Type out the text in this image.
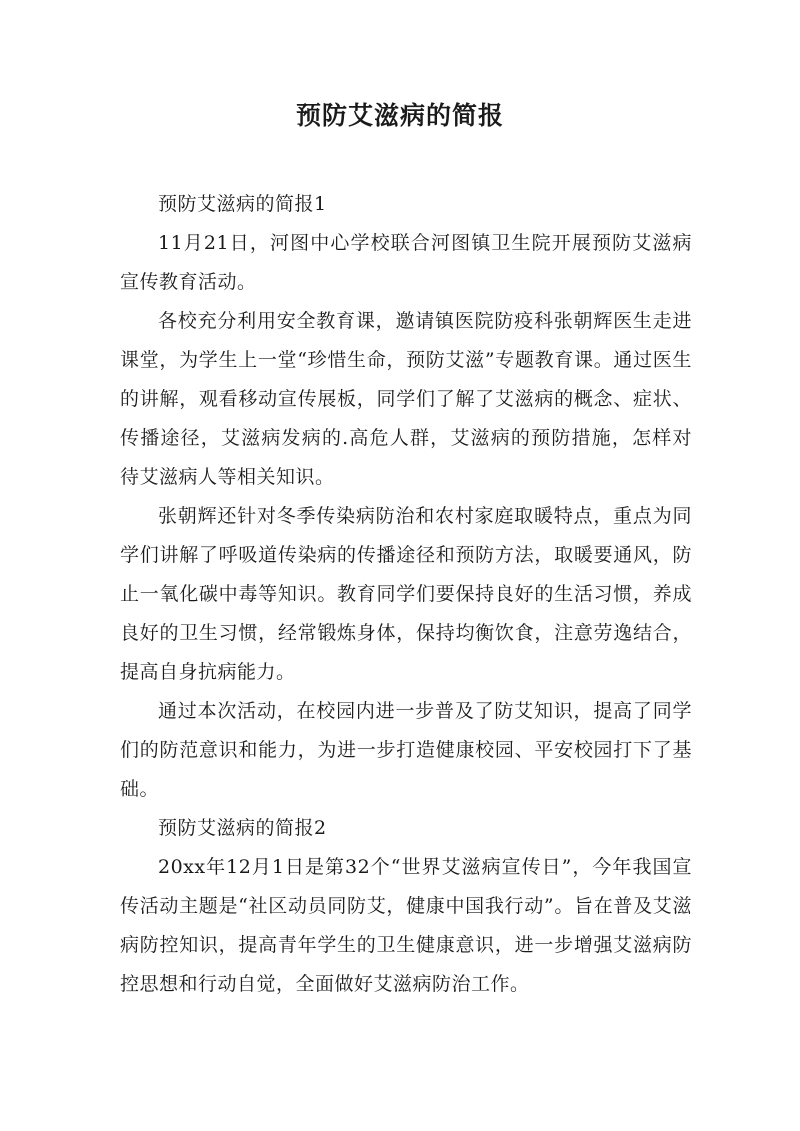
预防艾滋病的简报

预防艾滋病的简报1

11月21日，河图中心学校联合河图镇卫生院开展预防艾滋病宣传教育活动。

各校充分利用安全教育课，邀请镇医院防疫科张朝辉医生走进课堂，为学生上一堂“珍惜生命，预防艾滋”专题教育课。通过医生的讲解，观看移动宣传展板，同学们了解了艾滋病的概念、症状、传播途径，艾滋病发病的.高危人群，艾滋病的预防措施，怎样对待艾滋病人等相关知识。

张朝辉还针对冬季传染病防治和农村家庭取暖特点，重点为同学们讲解了呼吸道传染病的传播途径和预防方法，取暖要通风，防止一氧化碳中毒等知识。教育同学们要保持良好的生活习惯，养成良好的卫生习惯，经常锻炼身体，保持均衡饮食，注意劳逸结合，提高自身抗病能力。

通过本次活动，在校园内进一步普及了防艾知识，提高了同学们的防范意识和能力，为进一步打造健康校园、平安校园打下了基础。

预防艾滋病的简报2

20xx年12月1日是第32个“世界艾滋病宣传日”，今年我国宣传活动主题是“社区动员同防艾，健康中国我行动”。旨在普及艾滋病防控知识，提高青年学生的卫生健康意识，进一步增强艾滋病防控思想和行动自觉，全面做好艾滋病防治工作。
